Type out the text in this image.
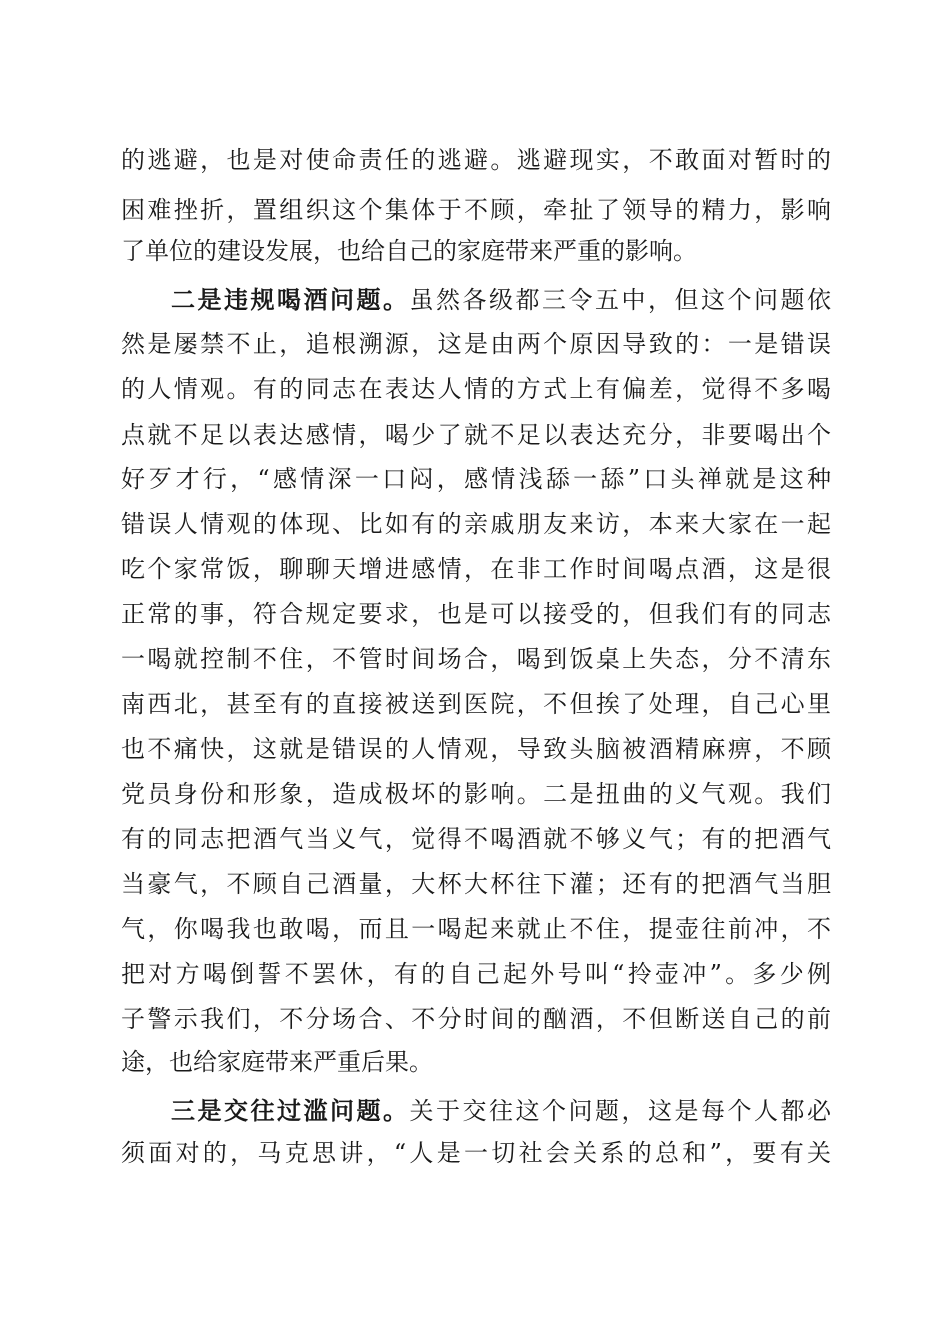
的逃避，也是对使命责任的逃避。逃避现实，不敢面对暂时的
困难挫折，置组织这个集体于不顾，牵扯了领导的精力，影响
了单位的建设发展，也给自己的家庭带来严重的影响。
二是违规喝酒问题。虽然各级都三令五中，但这个问题依
然是屡禁不止，追根溯源，这是由两个原因导致的：一是错误
的人情观。有的同志在表达人情的方式上有偏差，觉得不多喝
点就不足以表达感情，喝少了就不足以表达充分，非要喝出个
好歹才行，“感情深一口闷，感情浅舔一舔”口头禅就是这种
错误人情观的体现、比如有的亲戚朋友来访，本来大家在一起
吃个家常饭，聊聊天增进感情，在非工作时间喝点酒，这是很
正常的事，符合规定要求，也是可以接受的，但我们有的同志
一喝就控制不住，不管时间场合，喝到饭桌上失态，分不清东
南西北，甚至有的直接被送到医院，不但挨了处理，自己心里
也不痛快，这就是错误的人情观，导致头脑被酒精麻痹，不顾
党员身份和形象，造成极坏的影响。二是扭曲的义气观。我们
有的同志把酒气当义气，觉得不喝酒就不够义气；有的把酒气
当豪气，不顾自己酒量，大杯大杯往下灌；还有的把酒气当胆
气，你喝我也敢喝，而且一喝起来就止不住，提壶往前冲，不
把对方喝倒誓不罢休，有的自己起外号叫“拎壶冲”。多少例
子警示我们，不分场合、不分时间的酗酒，不但断送自己的前
途，也给家庭带来严重后果。
三是交往过滥问题。关于交往这个问题，这是每个人都必
须面对的，马克思讲，“人是一切社会关系的总和”，要有关
